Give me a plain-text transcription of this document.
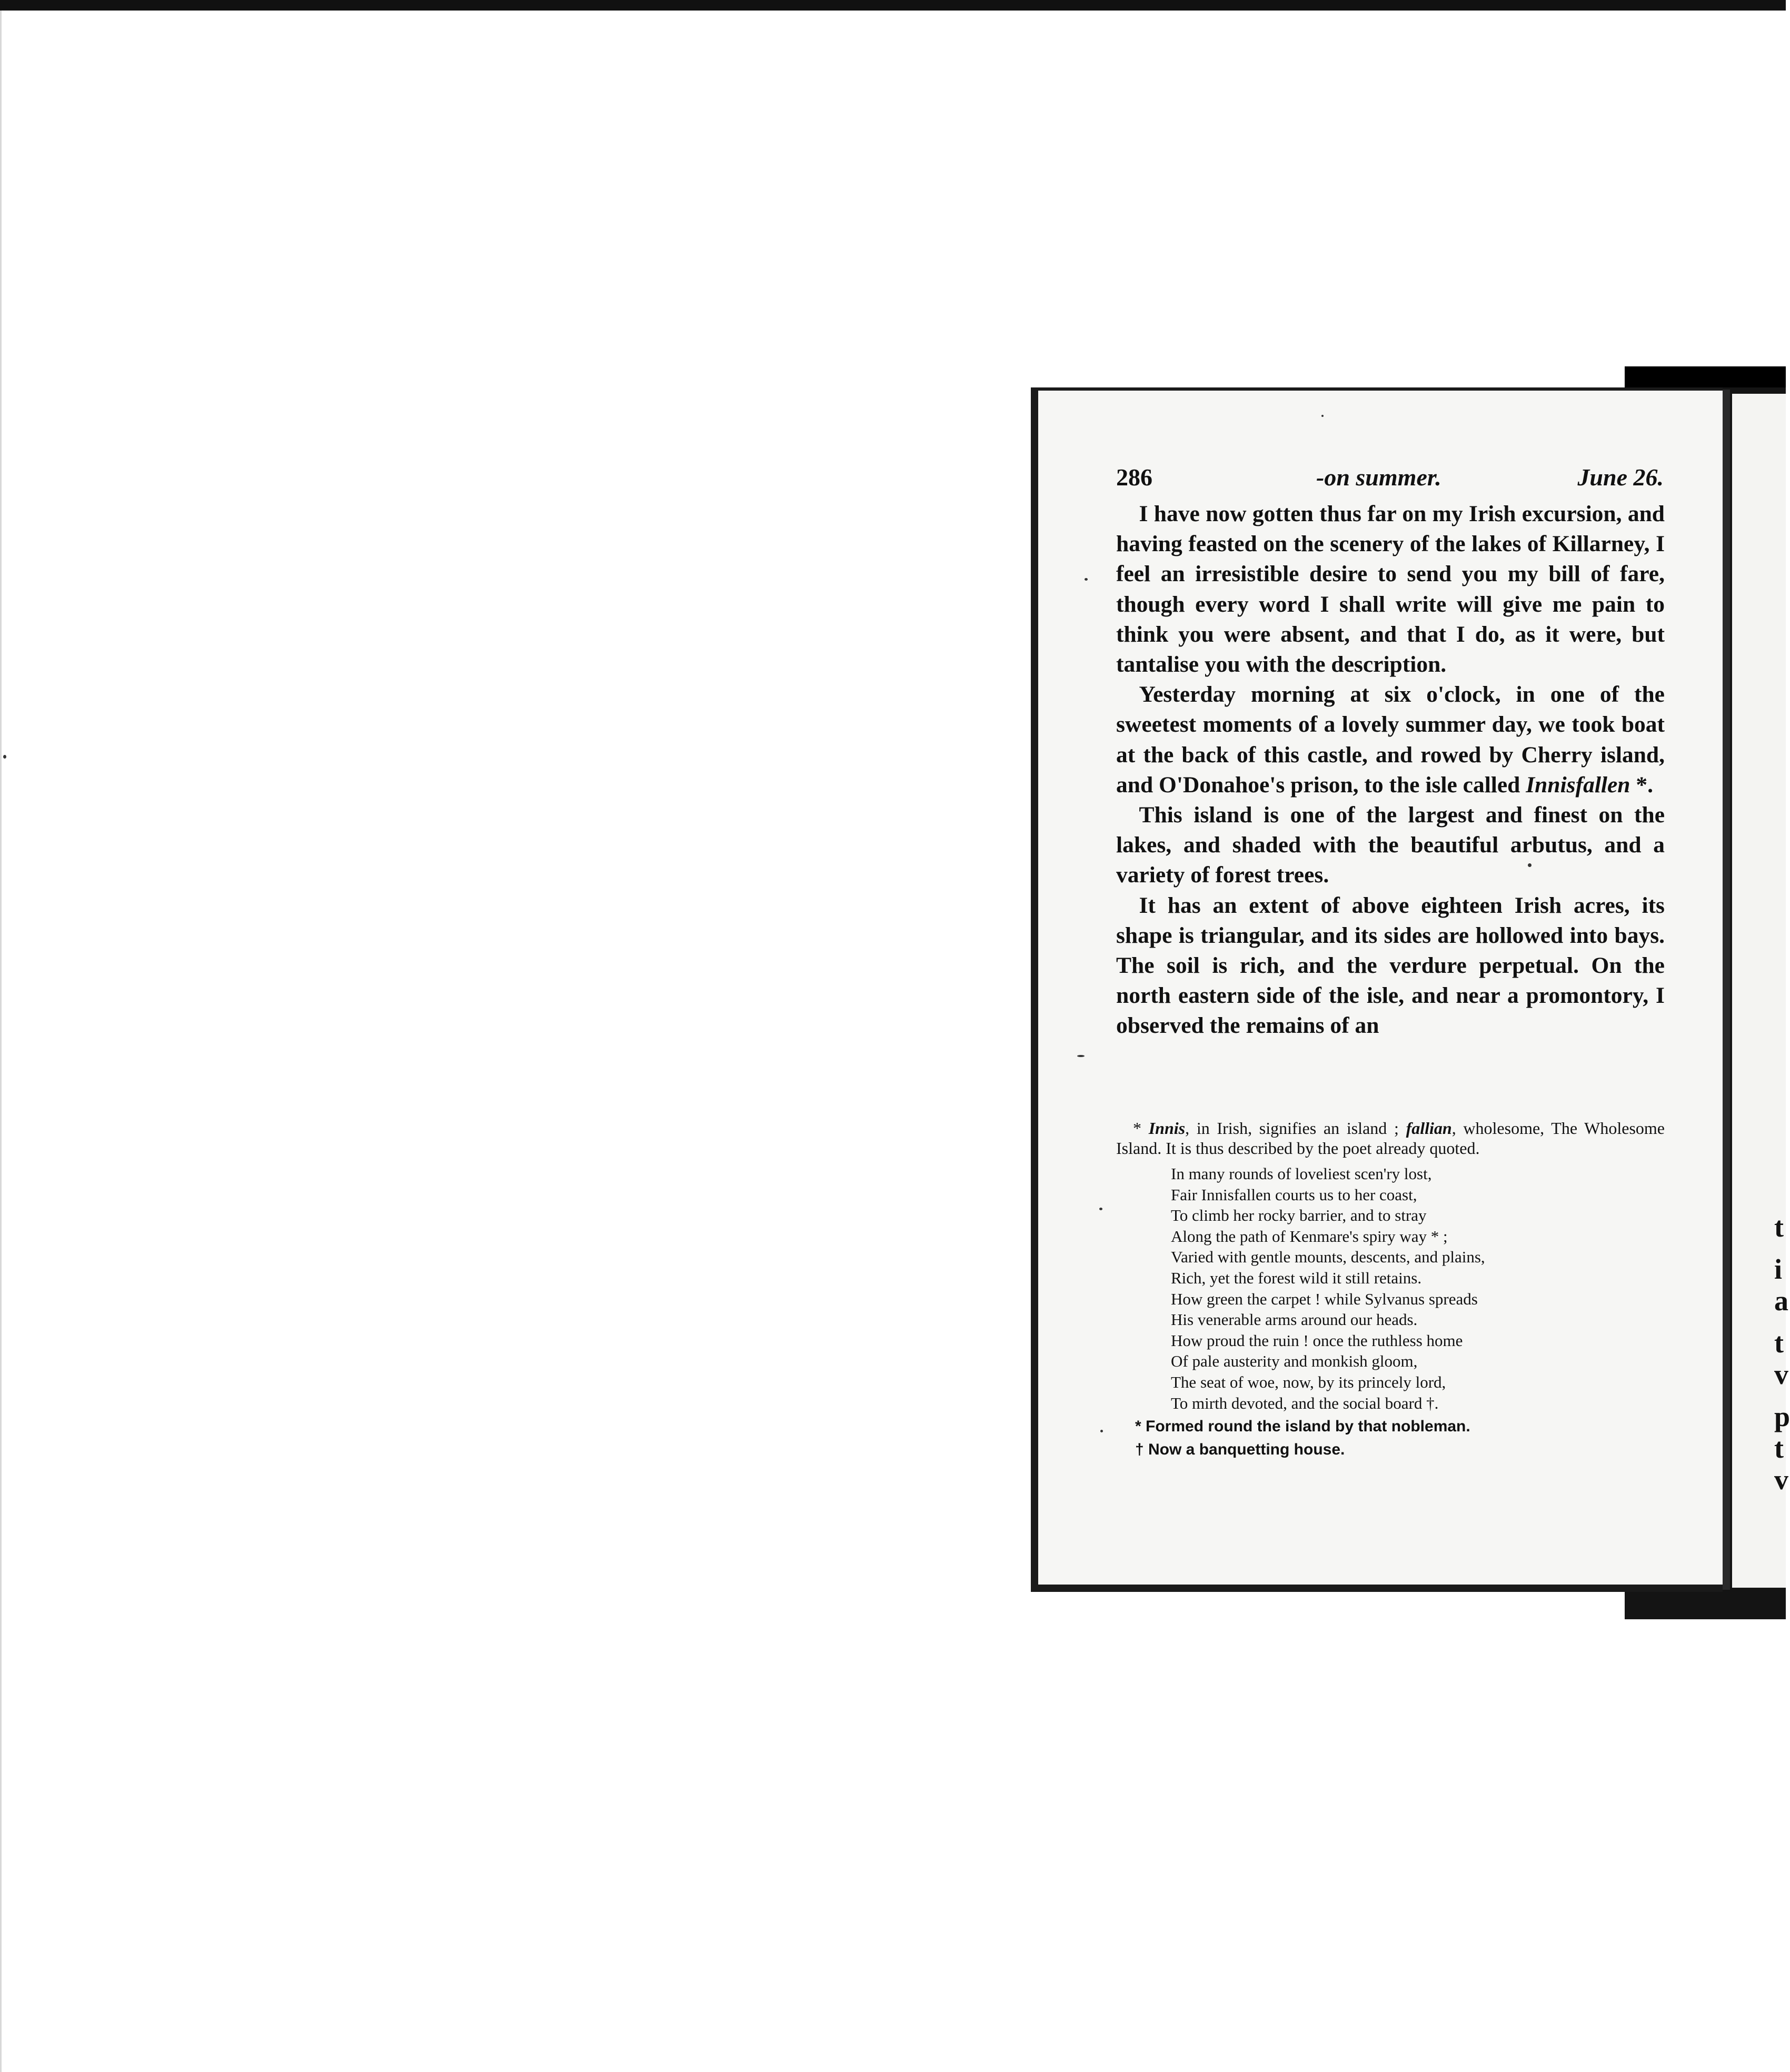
t
i
a
t
v
p
t
v
286	-on summer.	June 26.

I have now gotten thus far on my Irish excursion, and having feasted on the scenery of the lakes of Killarney, I feel an irresistible desire to send you my bill of fare, though every word I shall write will give me pain to think you were absent, and that I do, as it were, but tantalise you with the description.

Yesterday morning at six o'clock, in one of the sweetest moments of a lovely summer day, we took boat at the back of this castle, and rowed by Cherry island, and O'Donahoe's prison, to the isle called Innisfallen *.

This island is one of the largest and finest on the lakes, and shaded with the beautiful arbutus, and a variety of forest trees.

It has an extent of above eighteen Irish acres, its shape is triangular, and its sides are hollowed into bays. The soil is rich, and the verdure perpetual. On the north eastern side of the isle, and near a promontory, I observed the remains of an

* Innis, in Irish, signifies an island ; fallian, wholesome, The Wholesome Island. It is thus described by the poet already quoted.

In many rounds of loveliest scen'ry lost,
Fair Innisfallen courts us to her coast,
To climb her rocky barrier, and to stray
Along the path of Kenmare's spiry way * ;
Varied with gentle mounts, descents, and plains,
Rich, yet the forest wild it still retains.
How green the carpet ! while Sylvanus spreads
His venerable arms around our heads.
How proud the ruin ! once the ruthless home
Of pale austerity and monkish gloom,
The seat of woe, now, by its princely lord,
To mirth devoted, and the social board †.
* Formed round the island by that nobleman.
† Now a banquetting house.
